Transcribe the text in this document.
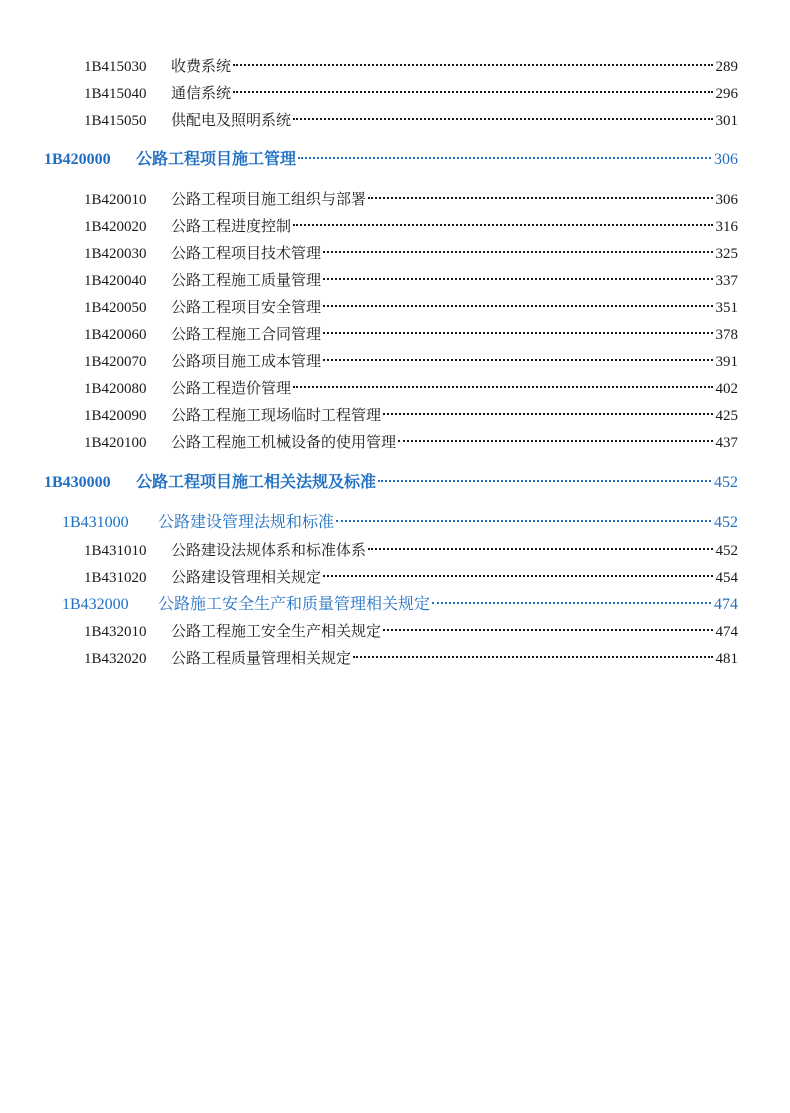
1B415030	收费系统	289
1B415040	通信系统	296
1B415050	供配电及照明系统	301
1B420000	公路工程项目施工管理	306
1B420010	公路工程项目施工组织与部署	306
1B420020	公路工程进度控制	316
1B420030	公路工程项目技术管理	325
1B420040	公路工程施工质量管理	337
1B420050	公路工程项目安全管理	351
1B420060	公路工程施工合同管理	378
1B420070	公路项目施工成本管理	391
1B420080	公路工程造价管理	402
1B420090	公路工程施工现场临时工程管理	425
1B420100	公路工程施工机械设备的使用管理	437
1B430000	公路工程项目施工相关法规及标准	452
1B431000	公路建设管理法规和标准	452
1B431010	公路建设法规体系和标准体系	452
1B431020	公路建设管理相关规定	454
1B432000	公路施工安全生产和质量管理相关规定	474
1B432010	公路工程施工安全生产相关规定	474
1B432020	公路工程质量管理相关规定	481
